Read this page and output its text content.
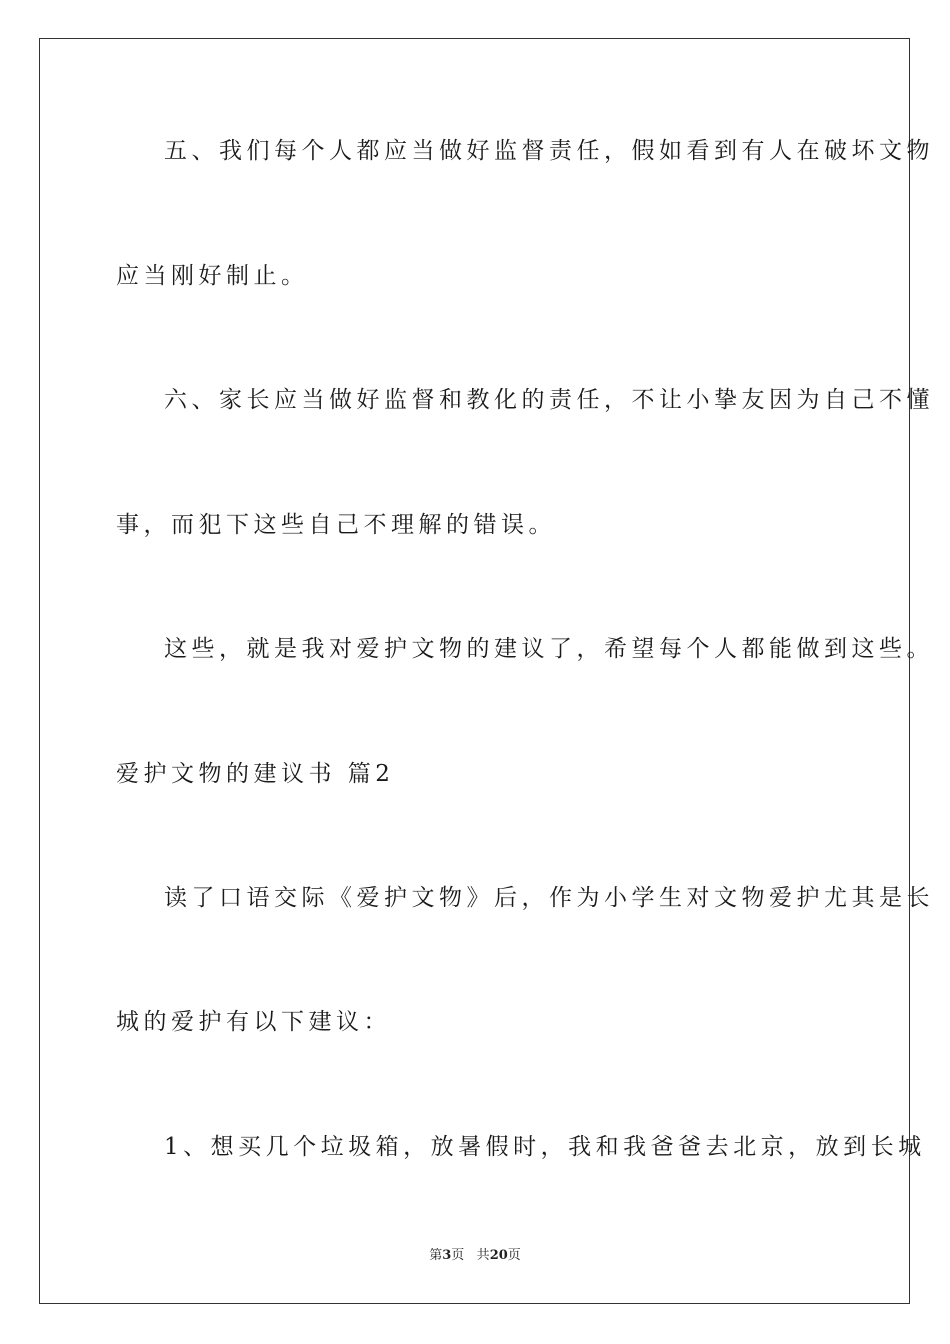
五、我们每个人都应当做好监督责任，假如看到有人在破坏文物
应当刚好制止。
六、家长应当做好监督和教化的责任，不让小挚友因为自己不懂
事，而犯下这些自己不理解的错误。
这些，就是我对爱护文物的建议了，希望每个人都能做到这些。
爱护文物的建议书 篇2
读了口语交际《爱护文物》后，作为小学生对文物爱护尤其是长
城的爱护有以下建议：
1、想买几个垃圾箱，放暑假时，我和我爸爸去北京，放到长城
第3页 共20页
